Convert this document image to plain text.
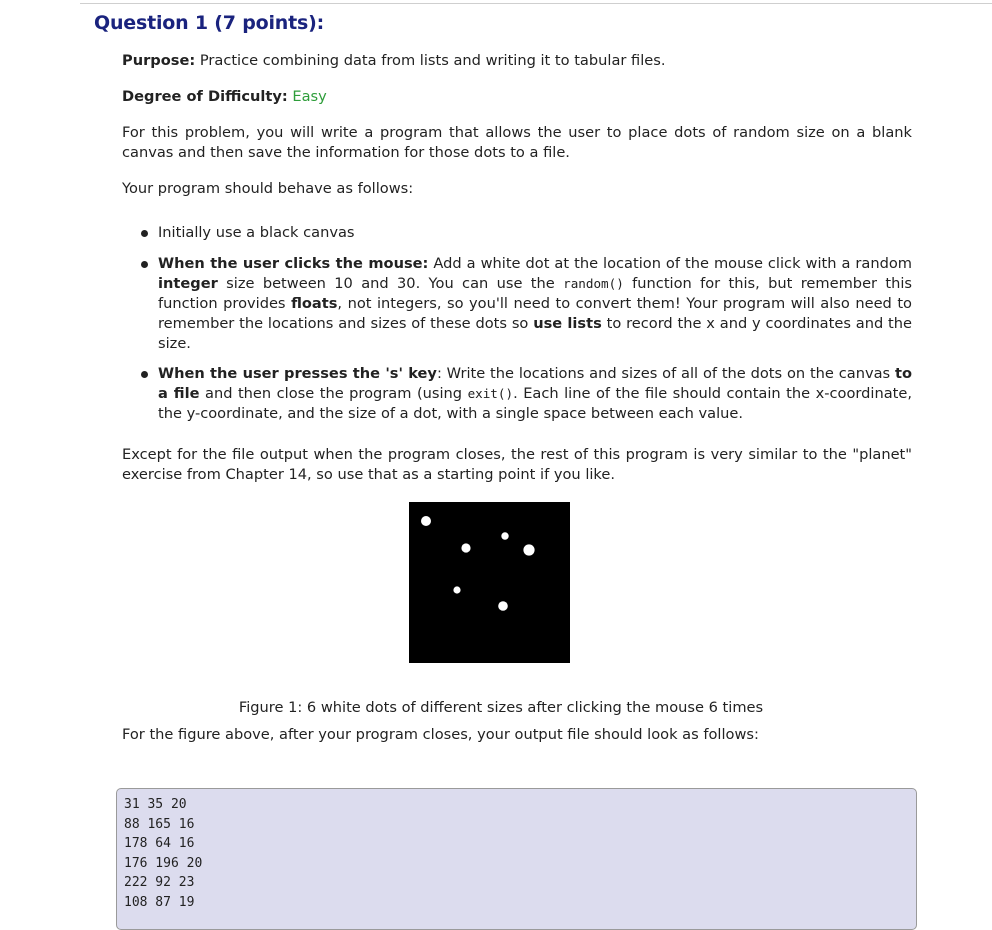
Question 1 (7 points):

Purpose: Practice combining data from lists and writing it to tabular files.

Degree of Difficulty: Easy

For this problem, you will write a program that allows the user to place dots of random size on a blank canvas and then save the information for those dots to a file.

Your program should behave as follows:

Initially use a black canvas
When the user clicks the mouse: Add a white dot at the location of the mouse click with a random integer size between 10 and 30. You can use the random() function for this, but remember this function provides floats, not integers, so you'll need to convert them! Your program will also need to remember the locations and sizes of these dots so use lists to record the x and y coordinates and the size.
When the user presses the 's' key: Write the locations and sizes of all of the dots on the canvas to a file and then close the program (using exit(). Each line of the file should contain the x-coordinate, the y-coordinate, and the size of a dot, with a single space between each value.

Except for the file output when the program closes, the rest of this program is very similar to the "planet" exercise from Chapter 14, so use that as a starting point if you like.

Figure 1: 6 white dots of different sizes after clicking the mouse 6 times

For the figure above, after your program closes, your output file should look as follows:

31 35 20
88 165 16
178 64 16
176 196 20
222 92 23
108 87 19
